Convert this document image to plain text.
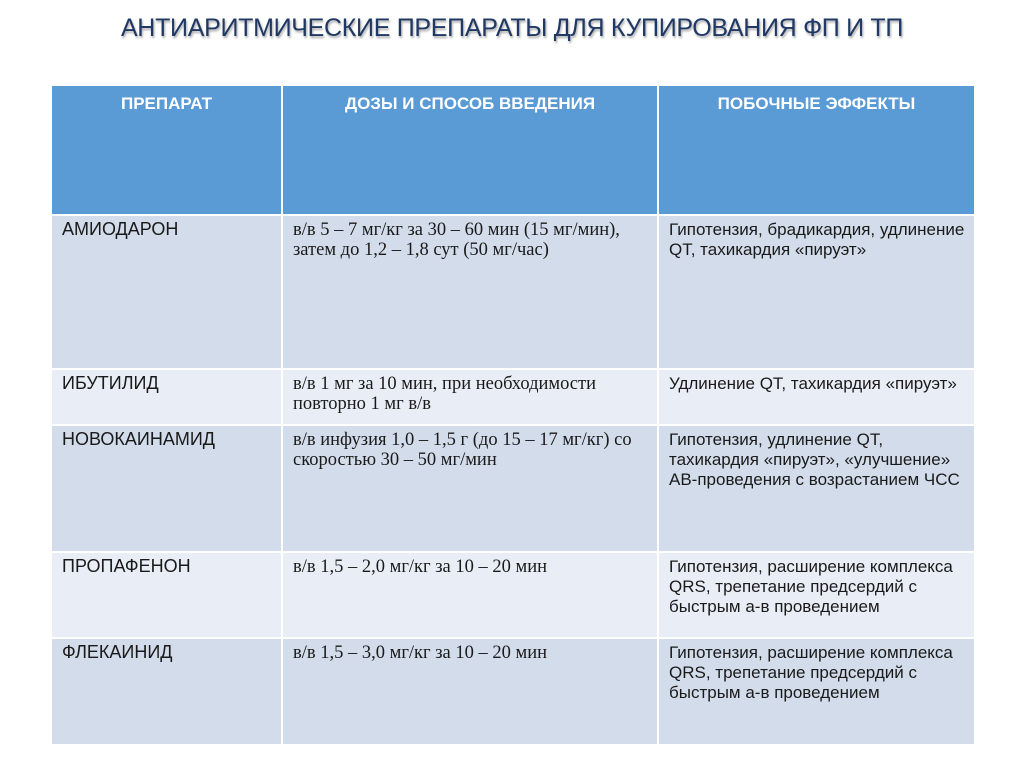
АНТИАРИТМИЧЕСКИЕ ПРЕПАРАТЫ ДЛЯ КУПИРОВАНИЯ ФП И ТП
ПРЕПАРАТ	ДОЗЫ И СПОСОБ ВВЕДЕНИЯ	ПОБОЧНЫЕ ЭФФЕКТЫ
АМИОДАРОН	в/в 5 – 7 мг/кг за 30 – 60 мин (15 мг/мин), затем до 1,2 – 1,8 сут (50 мг/час)	Гипотензия, брадикардия, удлинение QT, тахикардия «пируэт»
ИБУТИЛИД	в/в 1 мг за 10 мин, при необходимости повторно 1 мг в/в	Удлинение QT, тахикардия «пируэт»
НОВОКАИНАМИД	в/в инфузия 1,0 – 1,5 г (до 15 – 17 мг/кг) со скоростью 30 – 50 мг/мин	Гипотензия, удлинение QT, тахикардия «пируэт», «улучшение» АВ-проведения с возрастанием ЧСС
ПРОПАФЕНОН	в/в 1,5 – 2,0 мг/кг за 10 – 20 мин	Гипотензия, расширение комплекса QRS, трепетание предсердий с быстрым а-в проведением
ФЛЕКАИНИД	в/в 1,5 – 3,0 мг/кг за 10 – 20 мин	Гипотензия, расширение комплекса QRS, трепетание предсердий с быстрым а-в проведением
